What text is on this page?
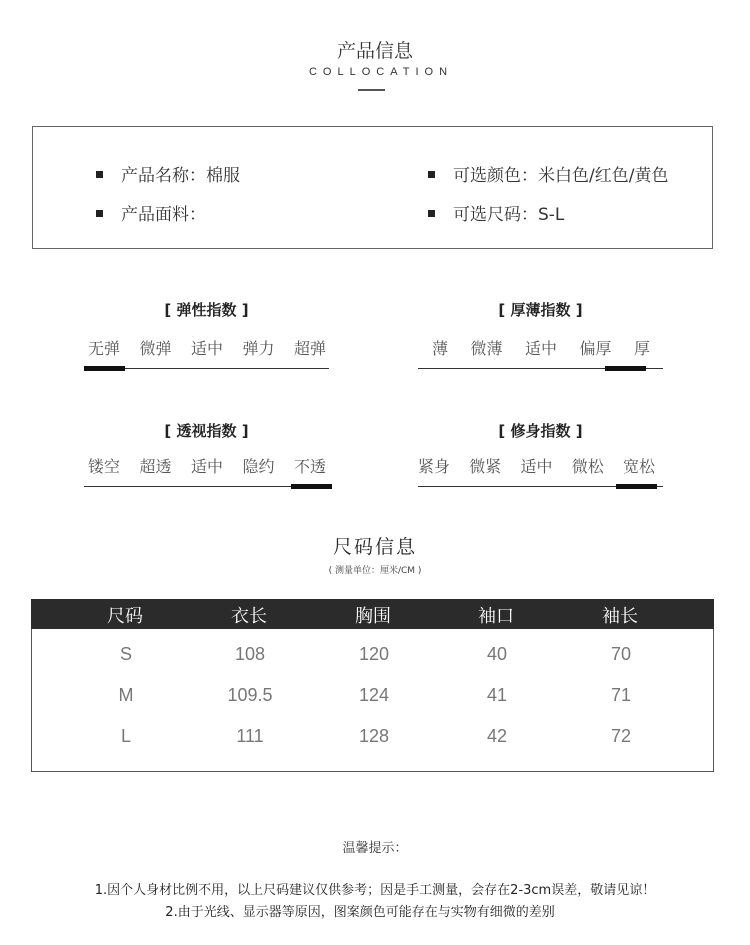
产品信息
COLLOCATION
产品名称：棉服
产品面料：
可选颜色：米白色/红色/黄色
可选尺码：S-L
[ 弹性指数 ]
无弹 微弹 适中 弹力 超弹
[ 厚薄指数 ]
薄 微薄 适中 偏厚 厚
[ 透视指数 ]
镂空 超透 适中 隐约 不透
[ 修身指数 ]
紧身 微紧 适中 微松 宽松
尺码信息
( 测量单位：厘米/CM )
尺码	衣长	胸围	袖口	袖长
S	108	120	40	70
M	109.5	124	41	71
L	111	128	42	72
温馨提示：
1.因个人身材比例不用，以上尺码建议仅供参考；因是手工测量，会存在2-3cm误差，敬请见谅！
2.由于光线、显示器等原因，图案颜色可能存在与实物有细微的差别
